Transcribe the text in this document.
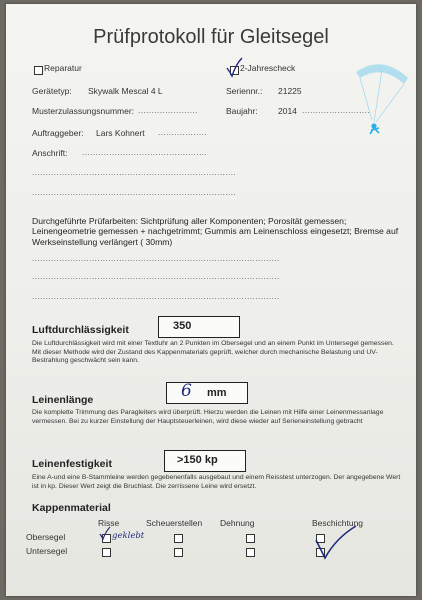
Prüfprotokoll für Gleitsegel
Reparatur	2-Jahrescheck
Gerätetyp: Skywalk Mescal 4 L	Seriennr.: 21225
Musterzulassungsnummer: ......................	Baujahr: 2014 .........................
Auftraggeber: Lars Kohnert ..................
Anschrift: ..............................................
...........................................................................
...........................................................................
Durchgeführte Prüfarbeiten: Sichtprüfung aller Komponenten; Porosität gemessen; Leinengeometrie gemessen + nachgetrimmt; Gummis am Leinenschloss eingesetzt; Bremse auf Werkseinstellung verlängert ( 30mm)
...........................................................................................
...........................................................................................
...........................................................................................
Luftdurchlässigkeit	350
Die Luftdurchlässigkeit wird mit einer Textluhr an 2 Punkten im Obersegel und an einem Punkt im Untersegel gemessen. Mit dieser Methode wird der Zustand des Kappenmaterials geprüft, welcher durch mechanische Belastung und UV-Bestrahlung geschwächt sein kann.
Leinenlänge	6 mm
Die komplette Trimmung des Paragleiters wird überprüft. Hierzu werden die Leinen mit Hilfe einer Leinenmessanlage vermessen. Bei zu kurzer Einstellung der Hauptsteuerleinen, wird diese wieder auf Serieneinstellung gebracht
Leinenfestigkeit	>150 kp
Eine A-und eine B-Stammleine werden gegebenenfalls ausgebaut und einem Reisstest unterzogen. Der angegebene Wert ist in kp. Dieser Wert zeigt die Bruchlast. Die zerrissene Leine wird ersetzt.
Kappenmaterial
Risse	Scheuerstellen Dehnung	Beschichtung
Obersegel
Untersegel
geklebt
